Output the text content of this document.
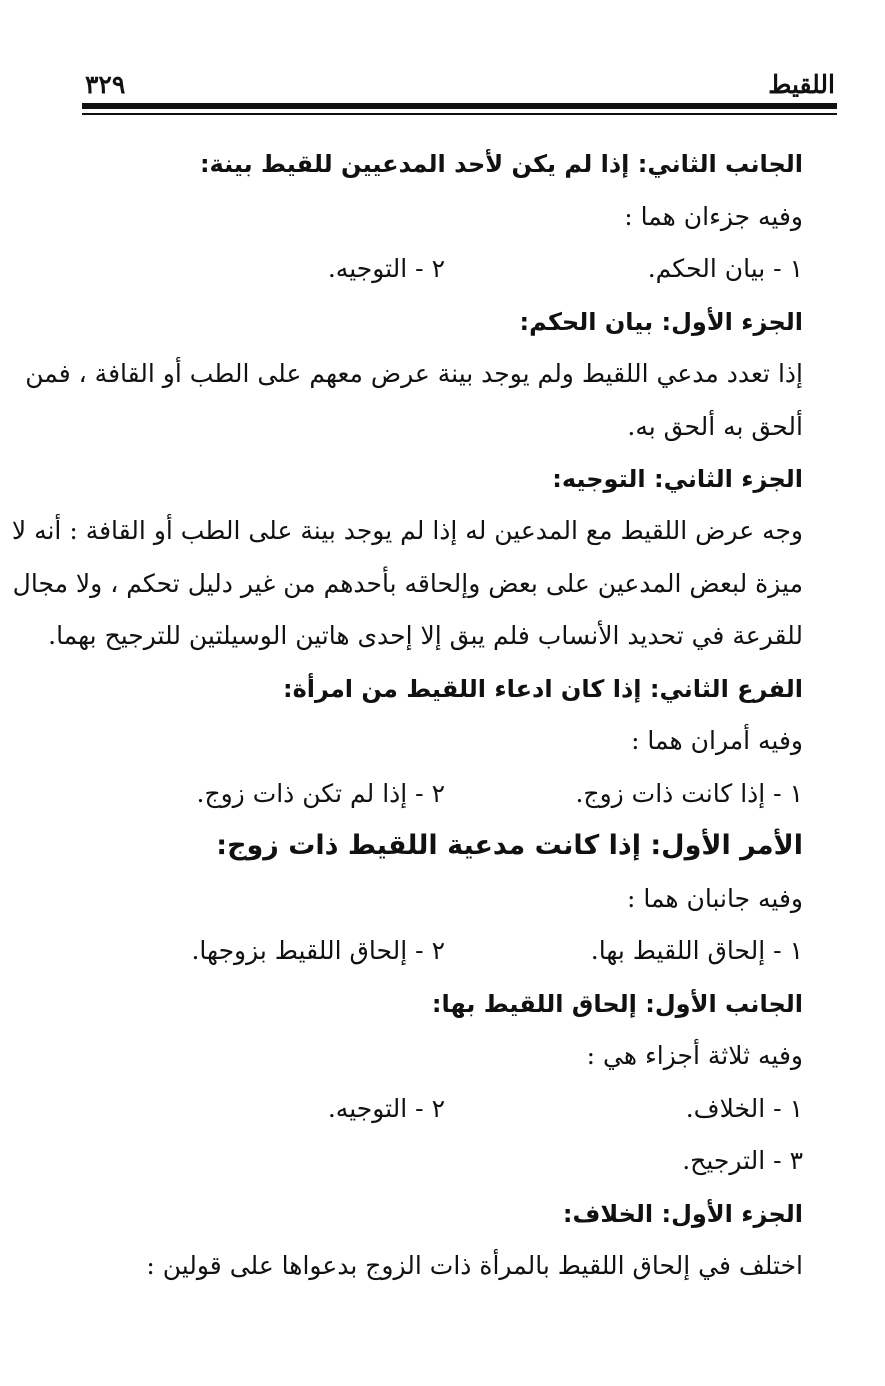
اللقيط
٣٢٩
الجانب الثاني: إذا لم يكن لأحد المدعيين للقيط بينة:
وفيه جزءان هما :
١ - بيان الحكم.
٢ - التوجيه.
الجزء الأول: بيان الحكم:
إذا تعدد مدعي اللقيط ولم يوجد بينة عرض معهم على الطب أو القافة ، فمن
ألحق به ألحق به.
الجزء الثاني: التوجيه:
وجه عرض اللقيط مع المدعين له إذا لم يوجد بينة على الطب أو القافة : أنه لا
ميزة لبعض المدعين على بعض وإلحاقه بأحدهم من غير دليل تحكم ، ولا مجال
للقرعة في تحديد الأنساب فلم يبق إلا إحدى هاتين الوسيلتين للترجيح بهما.
الفرع الثاني: إذا كان ادعاء اللقيط من امرأة:
وفيه أمران هما :
١ - إذا كانت ذات زوج.
٢ - إذا لم تكن ذات زوج.
الأمر الأول: إذا كانت مدعية اللقيط ذات زوج:
وفيه جانبان هما :
١ - إلحاق اللقيط بها.
٢ - إلحاق اللقيط بزوجها.
الجانب الأول: إلحاق اللقيط بها:
وفيه ثلاثة أجزاء هي :
١ - الخلاف.
٢ - التوجيه.
٣ - الترجيح.
الجزء الأول: الخلاف:
اختلف في إلحاق اللقيط بالمرأة ذات الزوج بدعواها على قولين :
